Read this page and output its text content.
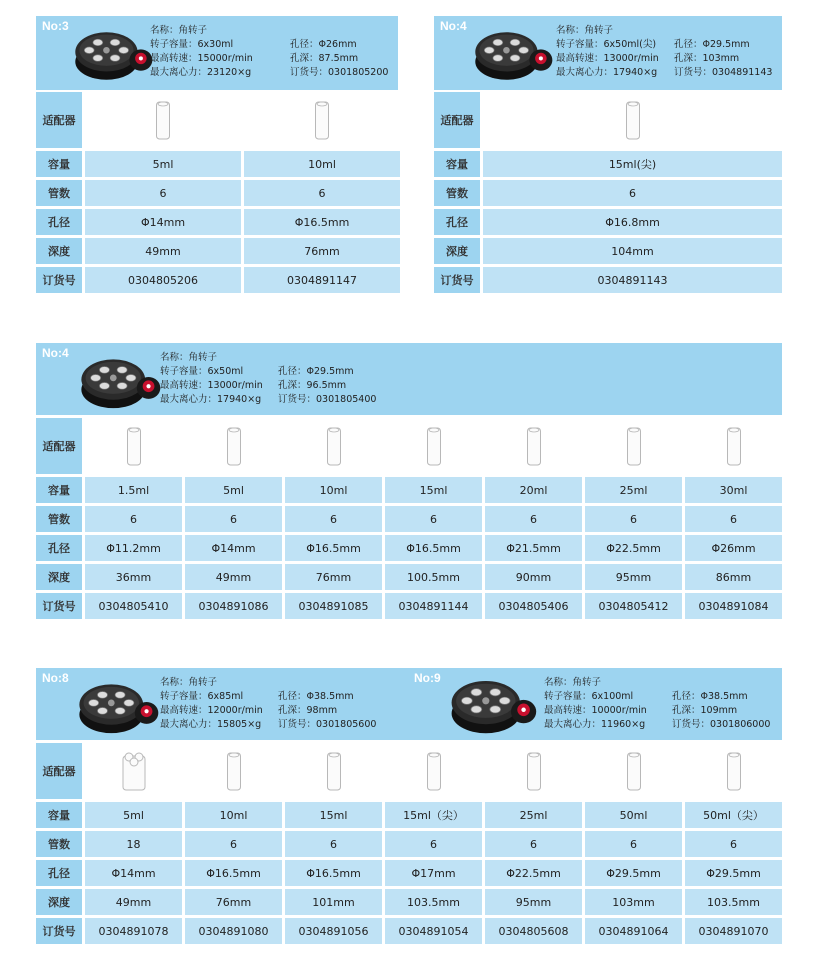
No:3	名称：角转子
转子容量：6x30ml	孔径：Φ26mm
最高转速：15000r/min	孔深：87.5mm
最大离心力：23120×g	订货号：0301805200
适配器
容量	5ml	10ml
管数	6	6
孔径	Φ14mm	Φ16.5mm
深度	49mm	76mm
订货号	0304805206	0304891147
No:4	名称：角转子
转子容量：6x50ml(尖) 孔径：Φ29.5mm
最高转速：13000r/min 孔深：103mm
最大离心力：17940×g 订货号：0304891143
适配器
容量	15ml(尖)
管数	6
孔径	Φ16.8mm
深度	104mm
订货号	0304891143
No:4	名称：角转子
转子容量：6x50ml	孔径：Φ29.5mm
最高转速：13000r/min 孔深：96.5mm
最大离心力：17940×g 订货号：0301805400
适配器
容量	1.5ml	5ml	10ml	15ml	20ml	25ml	30ml
管数	6	6	6	6	6	6	6
孔径	Φ11.2mm	Φ14mm	Φ16.5mm	Φ16.5mm	Φ21.5mm	Φ22.5mm	Φ26mm
深度	36mm	49mm	76mm	100.5mm	90mm	95mm	86mm
订货号	0304805410	0304891086	0304891085	0304891144	0304805406	0304805412	0304891084
No:8	名称：角转子
转子容量：6x85ml	孔径：Φ38.5mm
最高转速：12000r/min 孔深：98mm
最大离心力：15805×g 订货号：0301805600
No:9	名称：角转子
转子容量：6x100ml	孔径：Φ38.5mm
最高转速：10000r/min	孔深：109mm
最大离心力：11960×g	订货号：0301806000
适配器
容量	5ml	10ml	15ml	15ml（尖）	25ml	50ml	50ml（尖）
管数	18	6	6	6	6	6	6
孔径	Φ14mm	Φ16.5mm	Φ16.5mm	Φ17mm	Φ22.5mm	Φ29.5mm	Φ29.5mm
深度	49mm	76mm	101mm	103.5mm	95mm	103mm	103.5mm
订货号	0304891078	0304891080	0304891056	0304891054	0304805608	0304891064	0304891070
